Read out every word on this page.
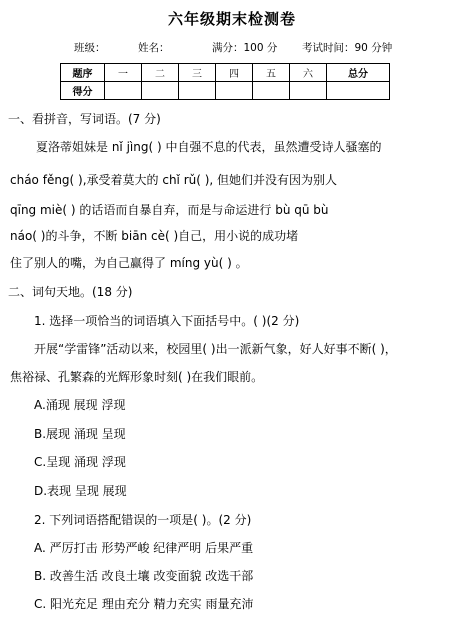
六年级期末检测卷
班级：	姓名：	满分：100 分 考试时间：90 分钟
题序	一	二	三	四	五	六	总分
得分							
一、看拼音，写词语。(7 分)
夏洛蒂姐妹是 nǐ jìng( ) 中自强不息的代表，虽然遭受诗人骚塞的
cháo fěng( ),承受着莫大的 chǐ rǔ( ), 但她们并没有因为别人
qīng miè( ) 的话语而自暴自弃，而是与命运进行 bù qū bù
náo( )的斗争，不断 biān cè( )自己，用小说的成功堵
住了别人的嘴，为自己赢得了 míng yù( ) 。
二、词句天地。(18 分)
1. 选择一项恰当的词语填入下面括号中。( )(2 分)
开展“学雷锋”活动以来，校园里( )出一派新气象，好人好事不断( )，
焦裕禄、孔繁森的光辉形象时刻( )在我们眼前。
A.涌现 展现 浮现
B.展现 涌现 呈现
C.呈现 涌现 浮现
D.表现 呈现 展现
2. 下列词语搭配错误的一项是( )。(2 分)
A. 严厉打击 形势严峻 纪律严明 后果严重
B. 改善生活 改良土壤 改变面貌 改选干部
C. 阳光充足 理由充分 精力充实 雨量充沛
